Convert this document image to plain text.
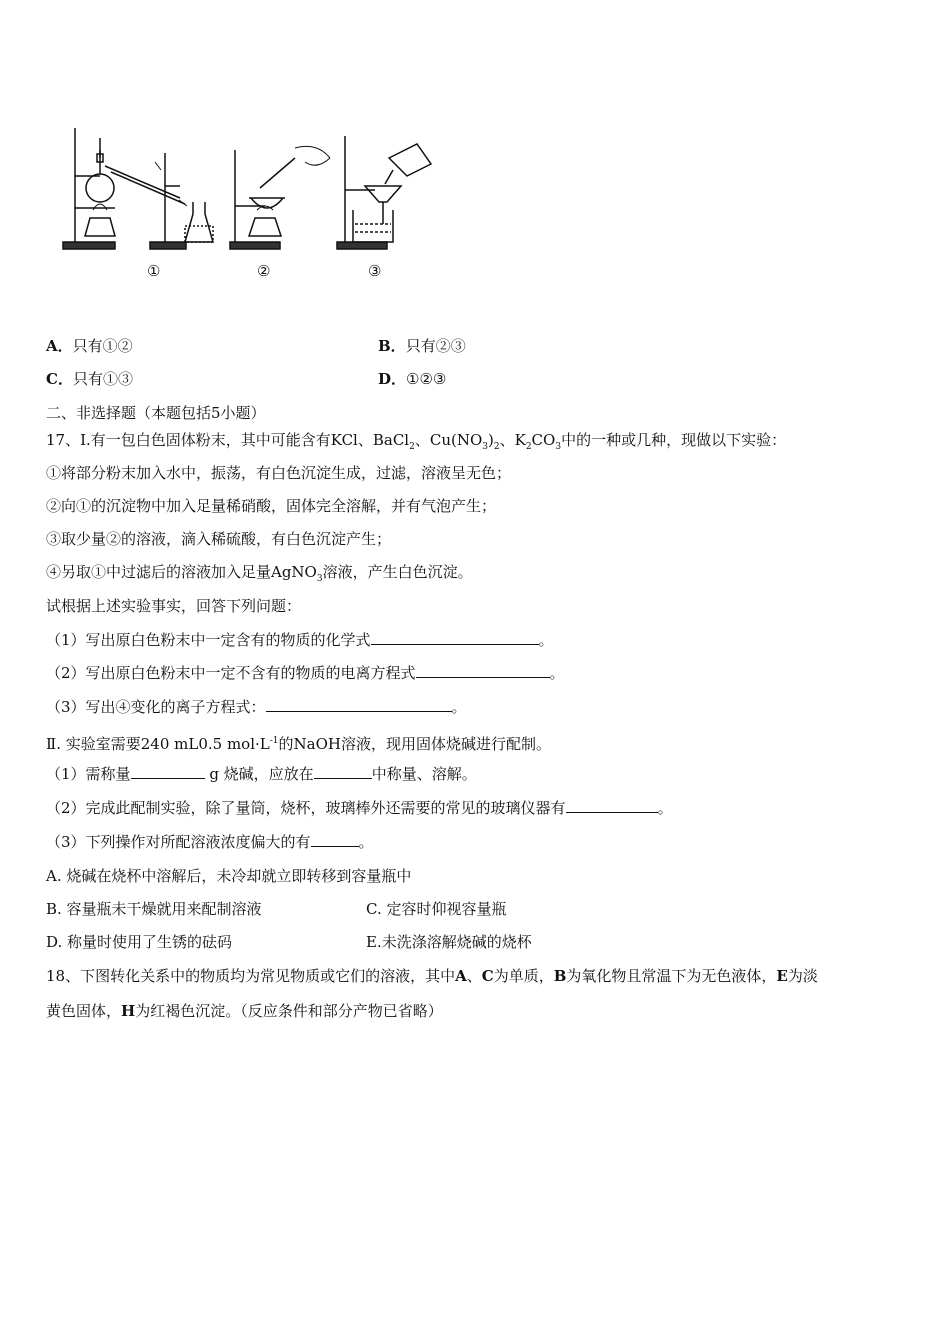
①	②	③
A．只有①②	B．只有②③
C．只有①③	D．①②③
二、非选择题（本题包括5小题）
17、Ⅰ.有一包白色固体粉末，其中可能含有KCl、BaCl$_2$、$Cu(NO_3)_2$、$K_2CO_3$中的一种或几种，现做以下实验：
①将部分粉末加入水中，振荡，有白色沉淀生成，过滤，溶液呈无色；
②向①的沉淀物中加入足量稀硝酸，固体完全溶解，并有气泡产生；
③取少量②的溶液，滴入稀硫酸，有白色沉淀产生；
④另取①中过滤后的溶液加入足量AgNO$_3$溶液，产生白色沉淀。
试根据上述实验事实，回答下列问题：
（1）写出原白色粉末中一定含有的物质的化学式	。
（2）写出原白色粉末中一定不含有的物质的电离方程式	。
（3）写出④变化的离子方程式：	。
Ⅱ. 实验室需要240 mL0.5 $mol\cdot L^{-1}$的NaOH溶液，现用固体烧碱进行配制。
（1）需称量	g 烧碱，应放在	中称量、溶解。
（2）完成此配制实验，除了量筒，烧杯，玻璃棒外还需要的常见的玻璃仪器有	。
（3）下列操作对所配溶液浓度偏大的有	。
A. 烧碱在烧杯中溶解后，未冷却就立即转移到容量瓶中
B. 容量瓶未干燥就用来配制溶液	C. 定容时仰视容量瓶
D. 称量时使用了生锈的砝码	E.未洗涤溶解烧碱的烧杯
18、下图转化关系中的物质均为常见物质或它们的溶液，其中A、C为单质，B为氧化物且常温下为无色液体，E为淡
黄色固体，H为红褐色沉淀。（反应条件和部分产物已省略）
